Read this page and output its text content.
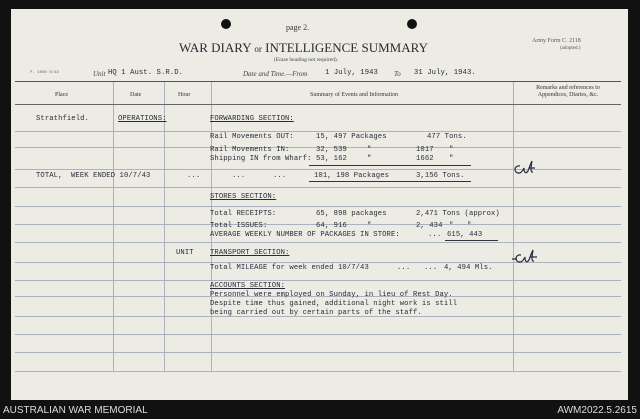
page 2.
WAR DIARY or INTELLIGENCE SUMMARY
(Erase heading not required).
Army Form C. 2118
(adopted.)
P. 1008 S/43	Unit HQ 1 Aust. S.R.D.	Date and Time.—From 1 July, 1943 To 31 July, 1943.
Place	Date	Hour	Summary of Events and Information
Remarks and references to Appendices, Diaries, &c.
Strathfield.	OPERATIONS:	FORWARDING SECTION:
Rail Movements OUT:	15, 497 Packages	477 Tons.
Rail Movements IN:	32, 539	"	1017 "
Shipping IN from Wharf: 53, 162	"	1662 "
TOTAL, WEEK ENDED 10/7/43	...	...	...	101, 198 Packages	3,156 Tons.
STORES SECTION:
Total RECEIPTS:	65, 898 packages	2,471 Tons (approx)
Total ISSUES:	64, 916	"	2, 434 " "
AVERAGE WEEKLY NUMBER OF PACKAGES IN STORE:	... 615, 443
UNIT TRANSPORT SECTION:
Total MILEAGE for week ended 10/7/43	... ... 4, 494 Mls.
ACCOUNTS SECTION:
Personnel were employed on Sunday, in lieu of Rest Day.
Despite time thus gained, additional night work is still
being carried out by certain parts of the staff.
AUSTRALIAN WAR MEMORIAL	AWM2022.5.2615
